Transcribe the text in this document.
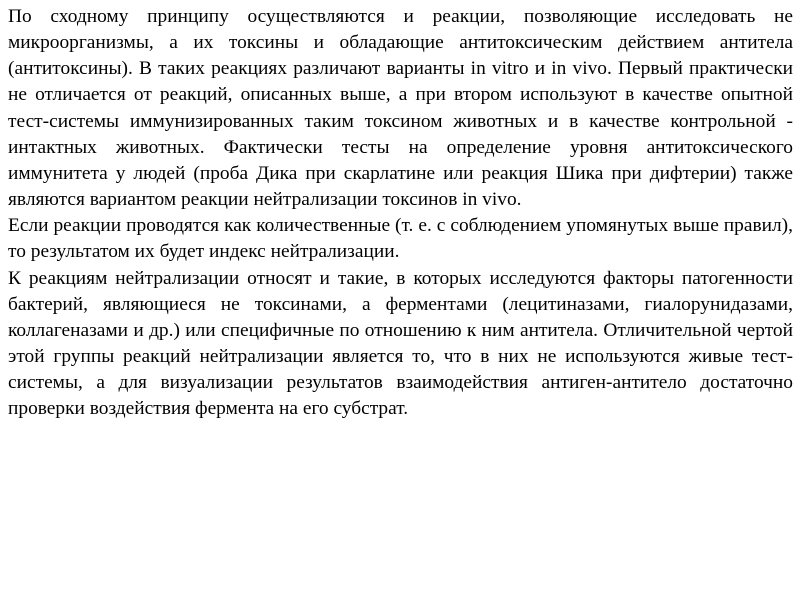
По сходному принципу осуществляются и реакции, позволяющие исследовать не микроорганизмы, а их токсины и обладающие антитоксическим действием антитела (антитоксины). В таких реакциях различают варианты in vitro и in vivo. Первый практически не отличается от реакций, описанных выше, а при втором используют в качестве опытной тест-системы иммунизированных таким токсином животных и в качестве контрольной - интактных животных. Фактически тесты на определение уровня антитоксического иммунитета у людей (проба Дика при скарлатине или реакция Шика при дифтерии) также являются вариантом реакции нейтрализации токсинов in vivo.

Если реакции проводятся как количественные (т. е. с соблюдением упомянутых выше правил), то результатом их будет индекс нейтрализации.

К реакциям нейтрализации относят и такие, в которых исследуются факторы патогенности бактерий, являющиеся не токсинами, а ферментами (лецитиназами, гиалорунидазами, коллагеназами и др.) или специфичные по отношению к ним антитела. Отличительной чертой этой группы реакций нейтрализации является то, что в них не используются живые тест-системы, а для визуализации результатов взаимодействия антиген-антитело достаточно проверки воздействия фермента на его субстрат.
